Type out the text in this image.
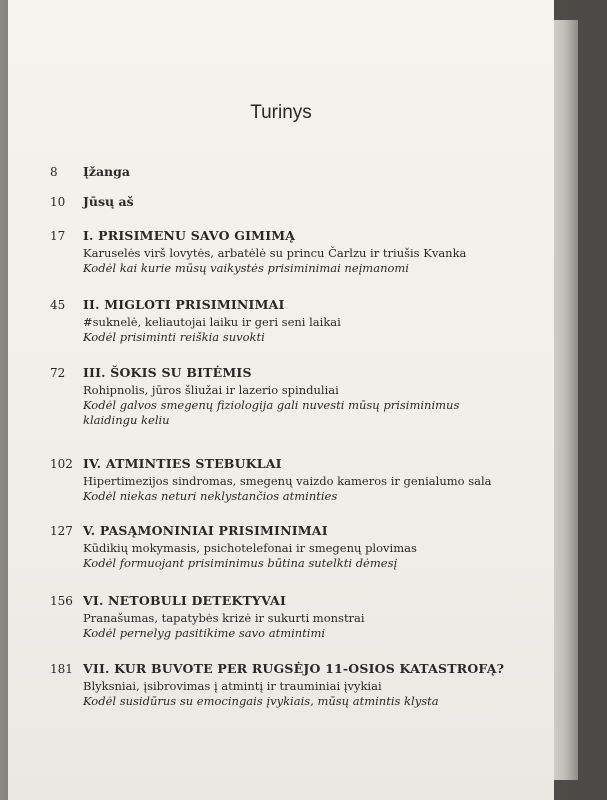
Turinys
8	Įžanga
10	Jūsų aš
17	I. PRISIMENU SAVO GIMIMĄ
Karuselės virš lovytės, arbatėlė su princu Čarlzu ir triušis Kvanka
Kodėl kai kurie mūsų vaikystės prisiminimai neįmanomi
45	II. MIGLOTI PRISIMINIMAI
#suknelė, keliautojai laiku ir geri seni laikai
Kodėl prisiminti reiškia suvokti
72	III. ŠOKIS SU BITĖMIS
Rohipnolis, jūros šliužai ir lazerio spinduliai
Kodėl galvos smegenų fiziologija gali nuvesti mūsų prisiminimus klaidingu keliu
102 IV. ATMINTIES STEBUKLAI
Hipertimezijos sindromas, smegenų vaizdo kameros ir genialumo sala
Kodėl niekas neturi neklystančios atminties
127 V. PASĄMONINIAI PRISIMINIMAI
Kūdikių mokymasis, psichotelefonai ir smegenų plovimas
Kodėl formuojant prisiminimus būtina sutelkti dėmesį
156 VI. NETOBULI DETEKTYVAI
Pranašumas, tapatybės krizė ir sukurti monstrai
Kodėl pernelyg pasitikime savo atmintimi
181 VII. KUR BUVOTE PER RUGSĖJO 11-OSIOS KATASTROFĄ?
Blyksniai, įsibrovimas į atmintį ir trauminiai įvykiai
Kodėl susidūrus su emocingais įvykiais, mūsų atmintis klysta
